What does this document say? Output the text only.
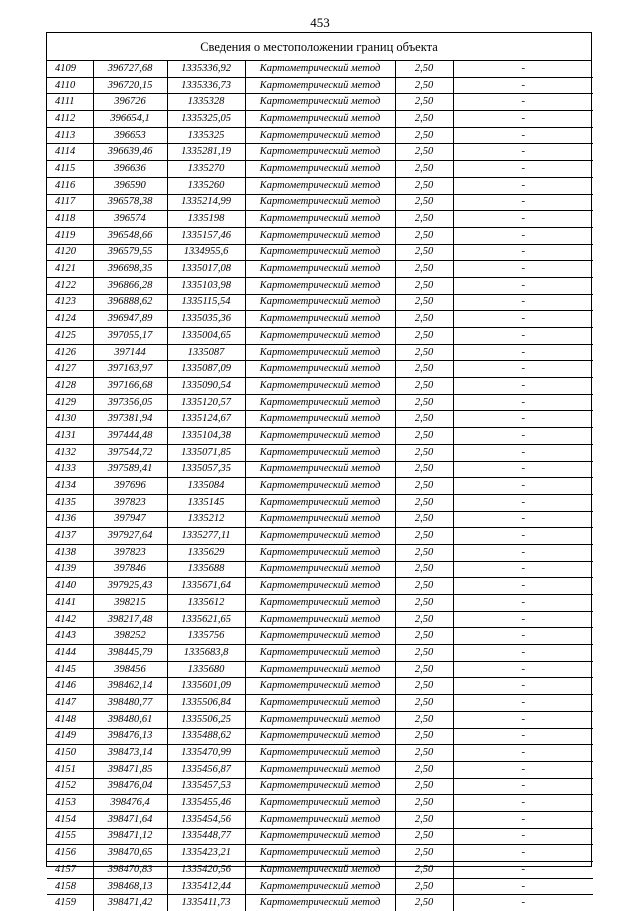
453
Сведения о местоположении границ объекта
4109	396727,68	1335336,92	Картометрический метод	2,50	-
4110	396720,15	1335336,73	Картометрический метод	2,50	-
4111	396726	1335328	Картометрический метод	2,50	-
4112	396654,1	1335325,05	Картометрический метод	2,50	-
4113	396653	1335325	Картометрический метод	2,50	-
4114	396639,46	1335281,19	Картометрический метод	2,50	-
4115	396636	1335270	Картометрический метод	2,50	-
4116	396590	1335260	Картометрический метод	2,50	-
4117	396578,38	1335214,99	Картометрический метод	2,50	-
4118	396574	1335198	Картометрический метод	2,50	-
4119	396548,66	1335157,46	Картометрический метод	2,50	-
4120	396579,55	1334955,6	Картометрический метод	2,50	-
4121	396698,35	1335017,08	Картометрический метод	2,50	-
4122	396866,28	1335103,98	Картометрический метод	2,50	-
4123	396888,62	1335115,54	Картометрический метод	2,50	-
4124	396947,89	1335035,36	Картометрический метод	2,50	-
4125	397055,17	1335004,65	Картометрический метод	2,50	-
4126	397144	1335087	Картометрический метод	2,50	-
4127	397163,97	1335087,09	Картометрический метод	2,50	-
4128	397166,68	1335090,54	Картометрический метод	2,50	-
4129	397356,05	1335120,57	Картометрический метод	2,50	-
4130	397381,94	1335124,67	Картометрический метод	2,50	-
4131	397444,48	1335104,38	Картометрический метод	2,50	-
4132	397544,72	1335071,85	Картометрический метод	2,50	-
4133	397589,41	1335057,35	Картометрический метод	2,50	-
4134	397696	1335084	Картометрический метод	2,50	-
4135	397823	1335145	Картометрический метод	2,50	-
4136	397947	1335212	Картометрический метод	2,50	-
4137	397927,64	1335277,11	Картометрический метод	2,50	-
4138	397823	1335629	Картометрический метод	2,50	-
4139	397846	1335688	Картометрический метод	2,50	-
4140	397925,43	1335671,64	Картометрический метод	2,50	-
4141	398215	1335612	Картометрический метод	2,50	-
4142	398217,48	1335621,65	Картометрический метод	2,50	-
4143	398252	1335756	Картометрический метод	2,50	-
4144	398445,79	1335683,8	Картометрический метод	2,50	-
4145	398456	1335680	Картометрический метод	2,50	-
4146	398462,14	1335601,09	Картометрический метод	2,50	-
4147	398480,77	1335506,84	Картометрический метод	2,50	-
4148	398480,61	1335506,25	Картометрический метод	2,50	-
4149	398476,13	1335488,62	Картометрический метод	2,50	-
4150	398473,14	1335470,99	Картометрический метод	2,50	-
4151	398471,85	1335456,87	Картометрический метод	2,50	-
4152	398476,04	1335457,53	Картометрический метод	2,50	-
4153	398476,4	1335455,46	Картометрический метод	2,50	-
4154	398471,64	1335454,56	Картометрический метод	2,50	-
4155	398471,12	1335448,77	Картометрический метод	2,50	-
4156	398470,65	1335423,21	Картометрический метод	2,50	-
4157	398470,83	1335420,56	Картометрический метод	2,50	-
4158	398468,13	1335412,44	Картометрический метод	2,50	-
4159	398471,42	1335411,73	Картометрический метод	2,50	-
